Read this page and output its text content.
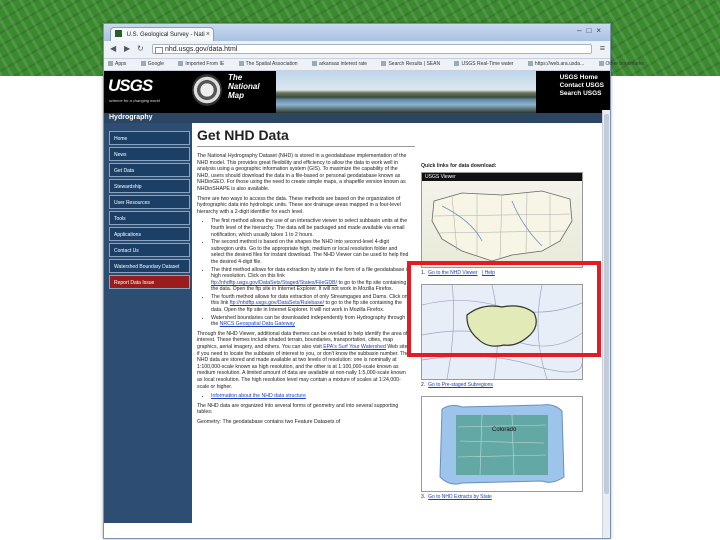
U.S. Geological Survey - Nati ×	–□×
◀ ▶ ↻	nhd.usgs.gov/data.html	≡
Apps	Google	Imported From IE	The Spatial Association	arkansas interest rate	Search Results | SEAN	USGS Real-Time water	https://web.ara.usda...	Other bookmarks
USGS
science for a changing world
The
National
Map
USGS Home
Contact USGS
Search USGS
Hydrography
Home
News
Get Data
Stewardship
User Resources
Tools
Applications
Contact Us
Watershed Boundary Dataset
Report Data Issue
Get NHD Data

The National Hydrography Dataset (NHD) is stored in a geodatabase implementation of the NHD model. This provides great flexibility and efficiency to allow the data to work well in analysis using a geographic information system (GIS). To maximize the capability of the NHD, users should download the data in a file-based or personal geodatabase known as NHDinGEO. For those using the need to create simple maps, a shapefile version known as NHDinSHAPE is also available.

There are two ways to access the data. These methods are based on the organization of hydrographic data into hydrologic units. These are drainage areas mapped in a four-level hierarchy with a 2-digit identifier for each level.

• The first method allows the use of an interactive viewer to select subbasin units at the fourth level of the hierarchy. The data will be packaged and made available via email notification, which usually takes 1 to 2 hours.
• The second method is based on the shapes the NHD into second-level 4-digit subregion units. Go to the appropriate high, medium or local resolution folder and select the desired files for instant download. The NHD Viewer can be used to help find the desired 4-digit file.
• The third method allows for data extraction by state in the form of a file geodatabase in high resolution. Click on this link ftp://nhdftp.usgs.gov/DataSets/Staged/States/FileGDB/ to go to the ftp site containing the data. Open the ftp site in Internet Explorer. It will not work in Mozilla Firefox.
• The fourth method allows for data extraction of only Streamgages and Dams. Click on this link ftp://nhdftp.usgs.gov/DataSets/Rulebase/ to go to the ftp site containing the data. Open the ftp site in Internet Explorer. It will not work in Mozilla Firefox.
• Watershed boundaries can be downloaded independently from Hydrography through the NRCS Geospatial Data Gateway

Through the NHD Viewer, additional data themes can be overlaid to help identify the area of interest. These themes include shaded terrain, boundaries, transportation, cities, map graphics, aerial imagery, and others. You can also visit EPA's Surf Your Watershed Web site if you need to locate the subbasin of interest to you, or don't know the subbasin number. The NHD data are stored and made available at two levels of resolution: one is nominally at 1:100,000-scale known as high resolution, and the other is at 1:100,000-scale known as medium resolution. A limited amount of data are available at non-nally 1:5,000-scale known as local resolution. The high resolution level may contain a mixture of scales at 1:24,000-scale or higher.

• Information about the NHD data structure

The NHD data are organized into several forms of geometry and into several supporting tables:

Geometry: The geodatabase contains two Feature Datasets of

Quick links for data download:
USGS Viewer
1. Go to the NHD Viewer | Help
2. Go to Pre-staged Subregions
Colorado
3. Go to NHD Extracts by State
